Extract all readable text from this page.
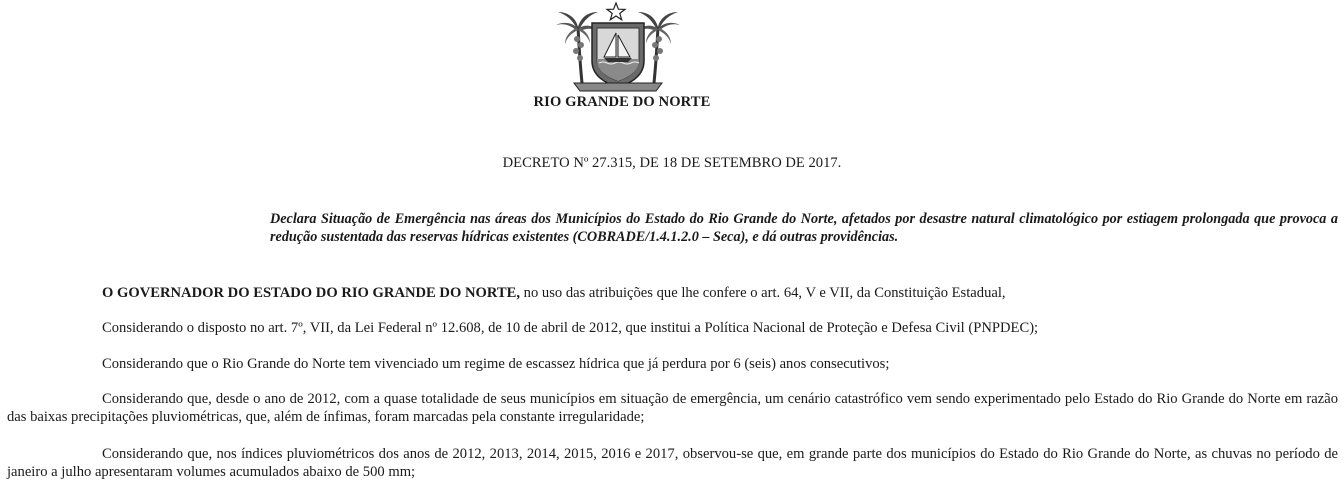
RIO GRANDE DO NORTE
DECRETO Nº 27.315, DE 18 DE SETEMBRO DE 2017.
Declara Situação de Emergência nas áreas dos Municípios do Estado do Rio Grande do Norte, afetados por desastre natural climatológico por estiagem prolongada que provoca a redução sustentada das reservas hídricas existentes (COBRADE/1.4.1.2.0 – Seca), e dá outras providências.
O GOVERNADOR DO ESTADO DO RIO GRANDE DO NORTE, no uso das atribuições que lhe confere o art. 64, V e VII, da Constituição Estadual,
Considerando o disposto no art. 7º, VII, da Lei Federal nº 12.608, de 10 de abril de 2012, que institui a Política Nacional de Proteção e Defesa Civil (PNPDEC);
Considerando que o Rio Grande do Norte tem vivenciado um regime de escassez hídrica que já perdura por 6 (seis) anos consecutivos;
Considerando que, desde o ano de 2012, com a quase totalidade de seus municípios em situação de emergência, um cenário catastrófico vem sendo experimentado pelo Estado do Rio Grande do Norte em razão das baixas precipitações pluviométricas, que, além de ínfimas, foram marcadas pela constante irregularidade;
Considerando que, nos índices pluviométricos dos anos de 2012, 2013, 2014, 2015, 2016 e 2017, observou-se que, em grande parte dos municípios do Estado do Rio Grande do Norte, as chuvas no período de janeiro a julho apresentaram volumes acumulados abaixo de 500 mm;
